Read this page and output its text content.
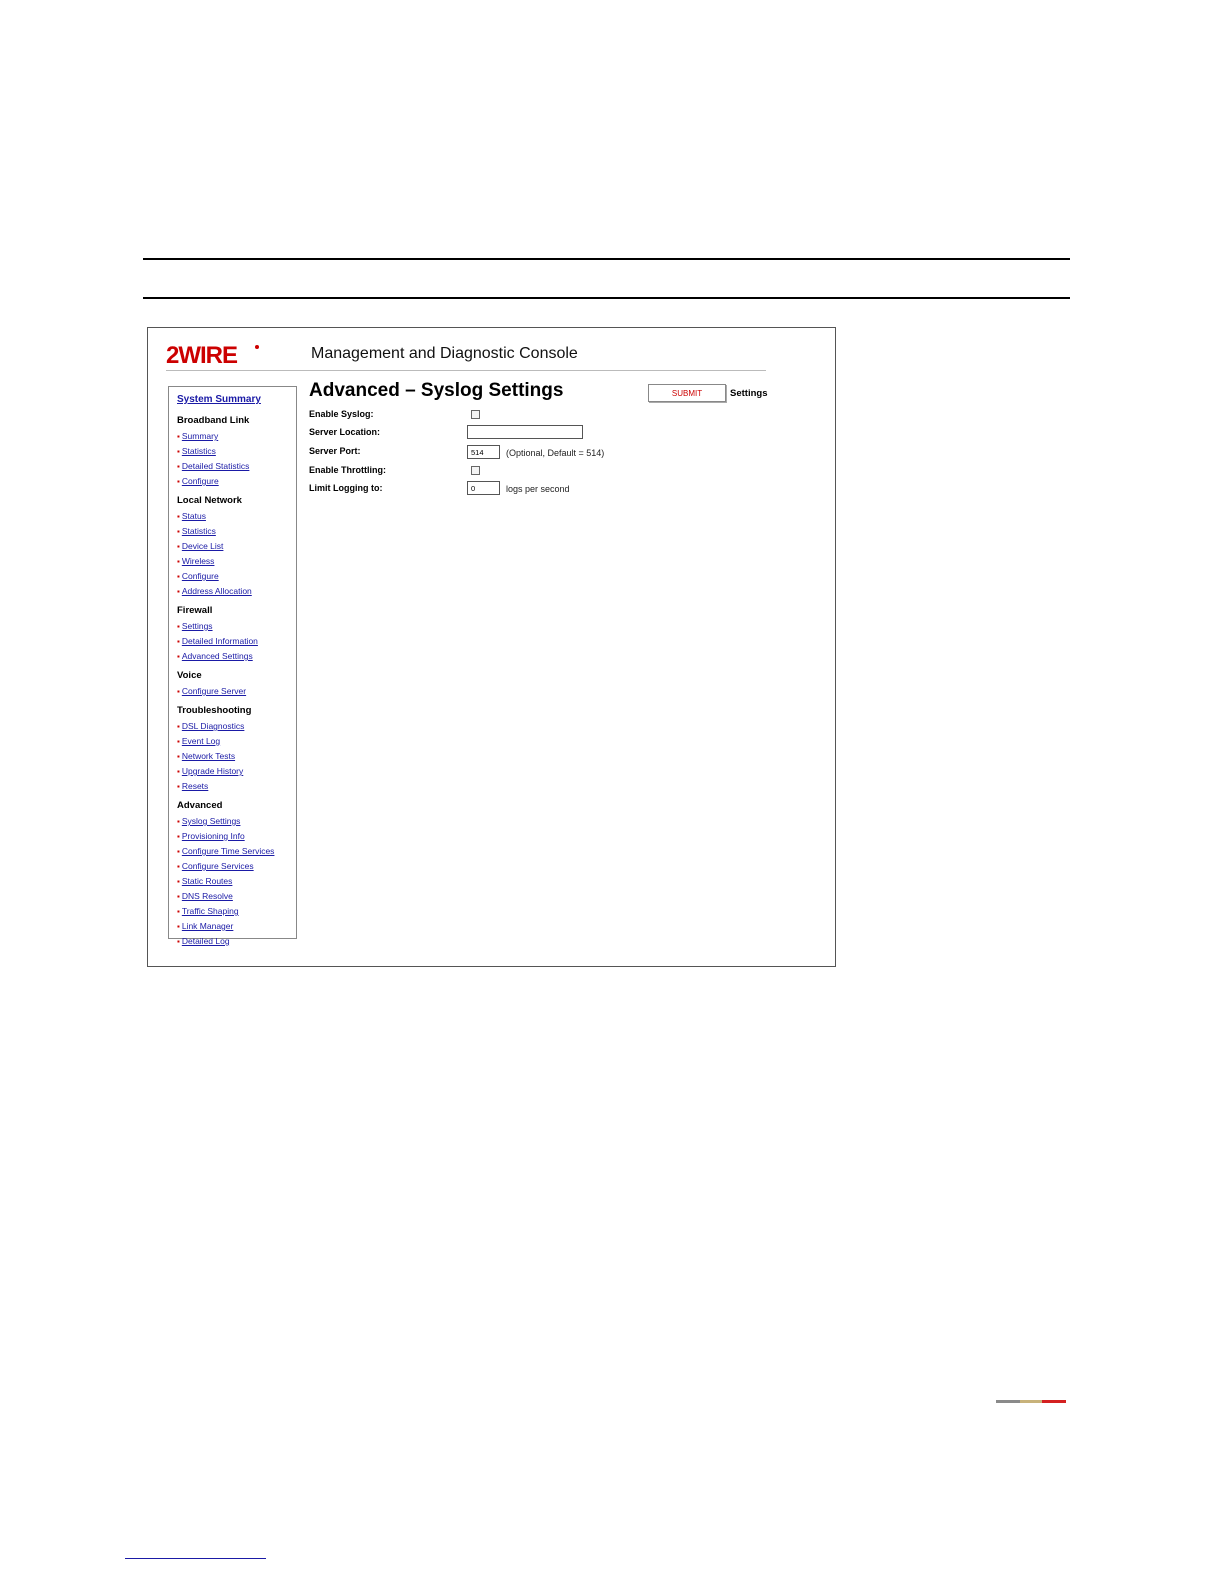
2WIRE	Management and Diagnostic Console
System Summary
Broadband Link
▪ Summary
▪ Statistics
▪ Detailed Statistics
▪ Configure
Local Network
▪ Status
▪ Statistics
▪ Device List
▪ Wireless
▪ Configure
▪ Address Allocation
Firewall
▪ Settings
▪ Detailed Information
▪ Advanced Settings
Voice
▪ Configure Server
Troubleshooting
▪ DSL Diagnostics
▪ Event Log
▪ Network Tests
▪ Upgrade History
▪ Resets
Advanced
▪ Syslog Settings
▪ Provisioning Info
▪ Configure Time Services
▪ Configure Services
▪ Static Routes
▪ DNS Resolve
▪ Traffic Shaping
▪ Link Manager
▪ Detailed Log
Advanced – Syslog Settings	SUBMIT	Settings
Enable Syslog:
Server Location:
Server Port:
514	(Optional, Default = 514)
Enable Throttling:
Limit Logging to:
0	logs per second
